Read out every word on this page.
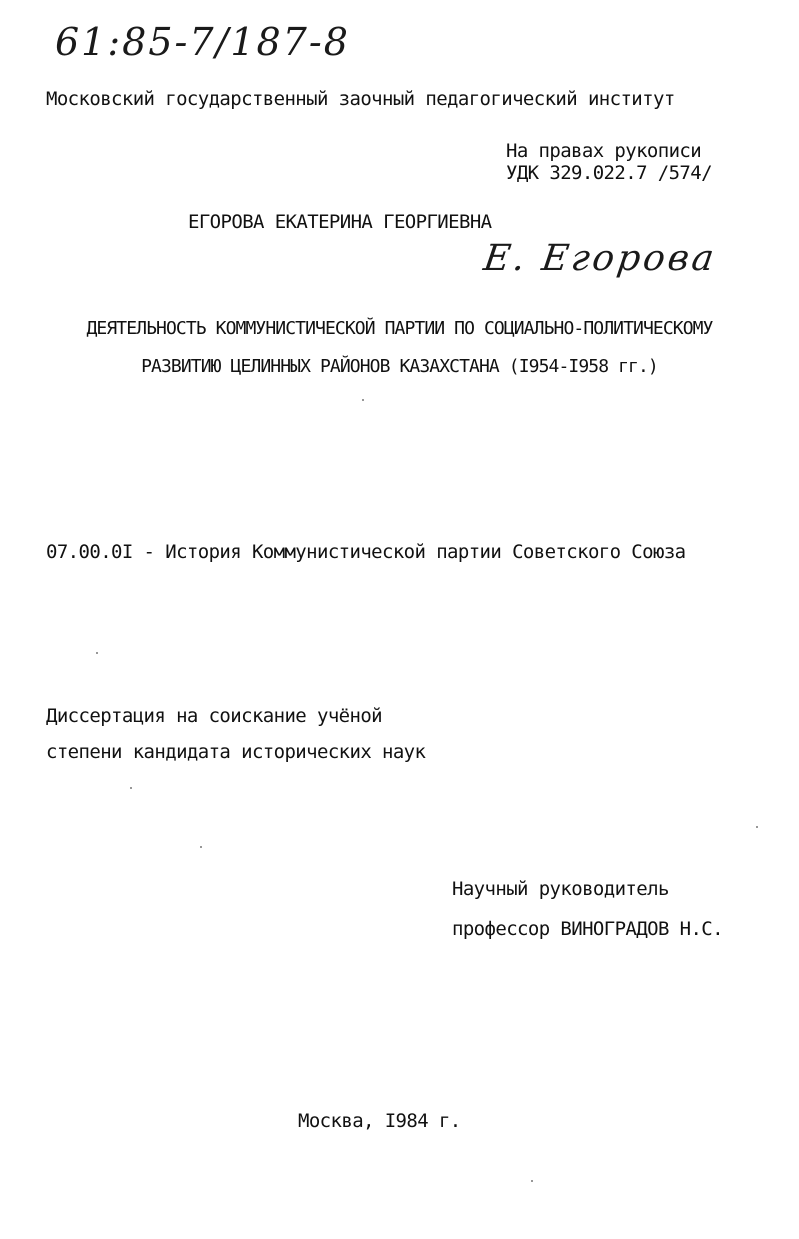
61:85-7/187-8
Московский государственный заочный педагогический институт
На правах рукописи
УДК 329.022.7 /574/
ЕГОРОВА ЕКАТЕРИНА ГЕОРГИЕВНА
Е. Егорова
ДЕЯТЕЛЬНОСТЬ КОММУНИСТИЧЕСКОЙ ПАРТИИ ПО СОЦИАЛЬНО-ПОЛИТИЧЕСКОМУ
РАЗВИТИЮ ЦЕЛИННЫХ РАЙОНОВ КАЗАХСТАНА (I954-I958 гг.)
07.00.0I - История Коммунистической партии Советского Союза
Диссертация на соискание учёной
степени кандидата исторических наук
Научный руководитель
профессор ВИНОГРАДОВ Н.С.
Москва, I984 г.
